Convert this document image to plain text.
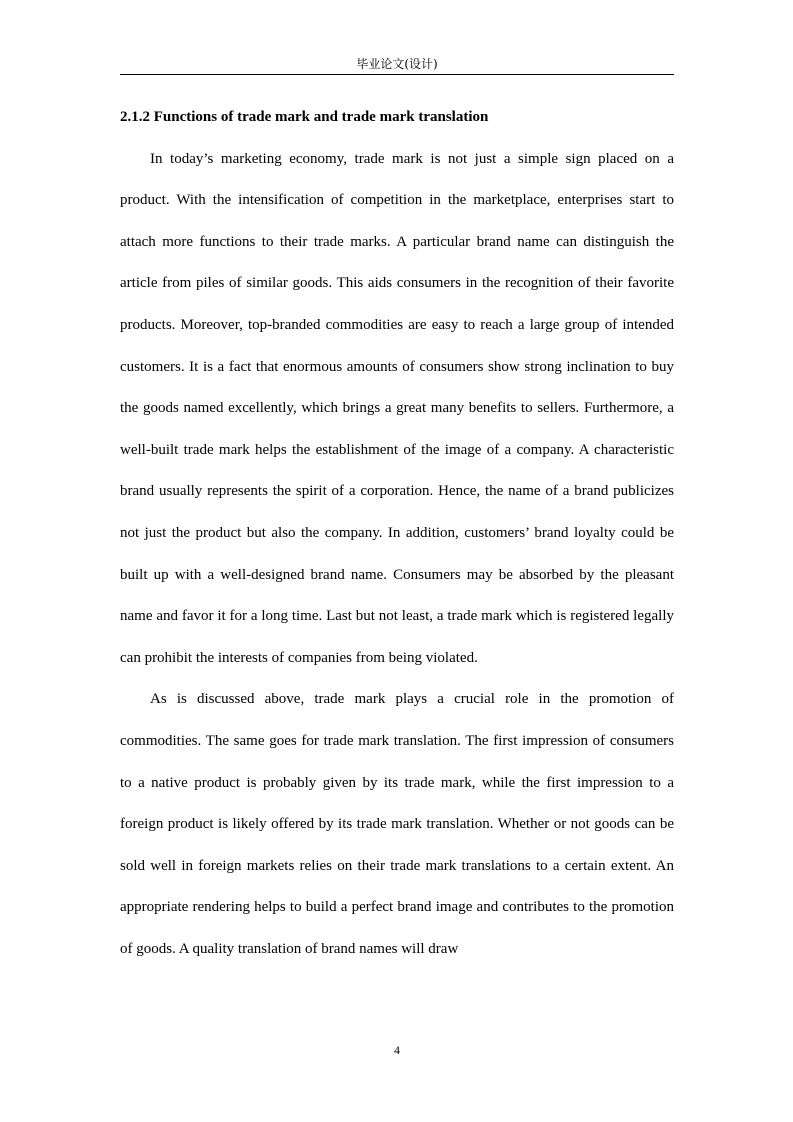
毕业论文(设计)
2.1.2 Functions of trade mark and trade mark translation

In today’s marketing economy, trade mark is not just a simple sign placed on a product. With the intensification of competition in the marketplace, enterprises start to attach more functions to their trade marks. A particular brand name can distinguish the article from piles of similar goods. This aids consumers in the recognition of their favorite products. Moreover, top-branded commodities are easy to reach a large group of intended customers. It is a fact that enormous amounts of consumers show strong inclination to buy the goods named excellently, which brings a great many benefits to sellers. Furthermore, a well-built trade mark helps the establishment of the image of a company. A characteristic brand usually represents the spirit of a corporation. Hence, the name of a brand publicizes not just the product but also the company. In addition, customers’ brand loyalty could be built up with a well-designed brand name. Consumers may be absorbed by the pleasant name and favor it for a long time. Last but not least, a trade mark which is registered legally can prohibit the interests of companies from being violated.

As is discussed above, trade mark plays a crucial role in the promotion of commodities. The same goes for trade mark translation. The first impression of consumers to a native product is probably given by its trade mark, while the first impression to a foreign product is likely offered by its trade mark translation. Whether or not goods can be sold well in foreign markets relies on their trade mark translations to a certain extent. An appropriate rendering helps to build a perfect brand image and contributes to the promotion of goods. A quality translation of brand names will draw

4
